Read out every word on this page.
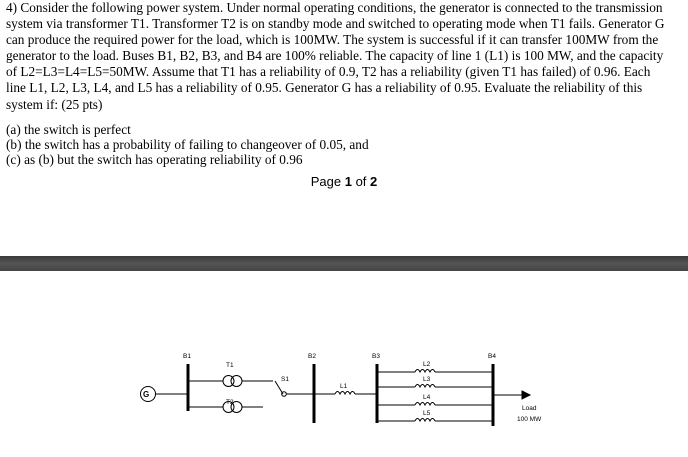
4) Consider the following power system. Under normal operating conditions, the generator is connected to the transmission

system via transformer T1. Transformer T2 is on standby mode and switched to operating mode when T1 fails. Generator G

can produce the required power for the load, which is 100MW. The system is successful if it can transfer 100MW from the

generator to the load. Buses B1, B2, B3, and B4 are 100% reliable. The capacity of line 1 (L1) is 100 MW, and the capacity

of L2=L3=L4=L5=50MW. Assume that T1 has a reliability of 0.9, T2 has a reliability (given T1 has failed) of 0.96. Each

line L1, L2, L3, L4, and L5 has a reliability of 0.95. Generator G has a reliability of 0.95. Evaluate the reliability of this

system if: (25 pts)

(a) the switch is perfect

(b) the switch has a probability of failing to changeover of 0.05, and

(c) as (b) but the switch has operating reliability of 0.96

Page 1 of 2
G
B1
T1
T2
S1
B2
L1
B3
L2
L3
L4
L5
B4
Load
100 MW
